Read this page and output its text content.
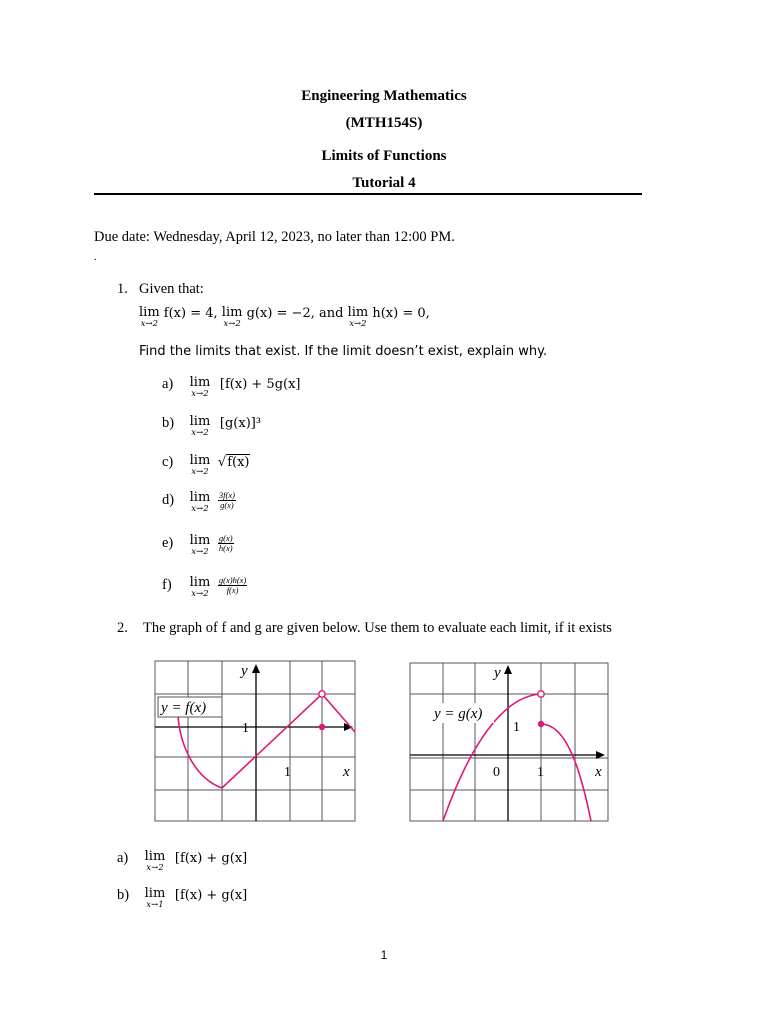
Engineering Mathematics
(MTH154S)
Limits of Functions
Tutorial 4
Due date: Wednesday, April 12, 2023, no later than 12:00 PM.
.
1. Given that:
lim
x→2
f(x) = 4, lim
x→2
g(x) = −2, and lim
x→2
h(x) = 0,
Find the limits that exist. If the limit doesn’t exist, explain why.
a) lim
x→2
[f(x) + 5g(x]
b) lim
x→2
[g(x)]³
c) lim
x→2
√f(x)
d) lim
x→2
$\frac{3f(x)}{g(x)}$
e) lim
x→2
$\frac{g(x)}{h(x)}$
f) lim
x→2
$\frac{g(x)h(x)}{f(x)}$
2. The graph of f and g are given below. Use them to evaluate each limit, if it exists
y = f(x)
y
x
1
1
y = g(x)
y
x
1
1
0
a) lim
x→2
[f(x) + g(x]
b) lim
x→1
[f(x) + g(x]
1
